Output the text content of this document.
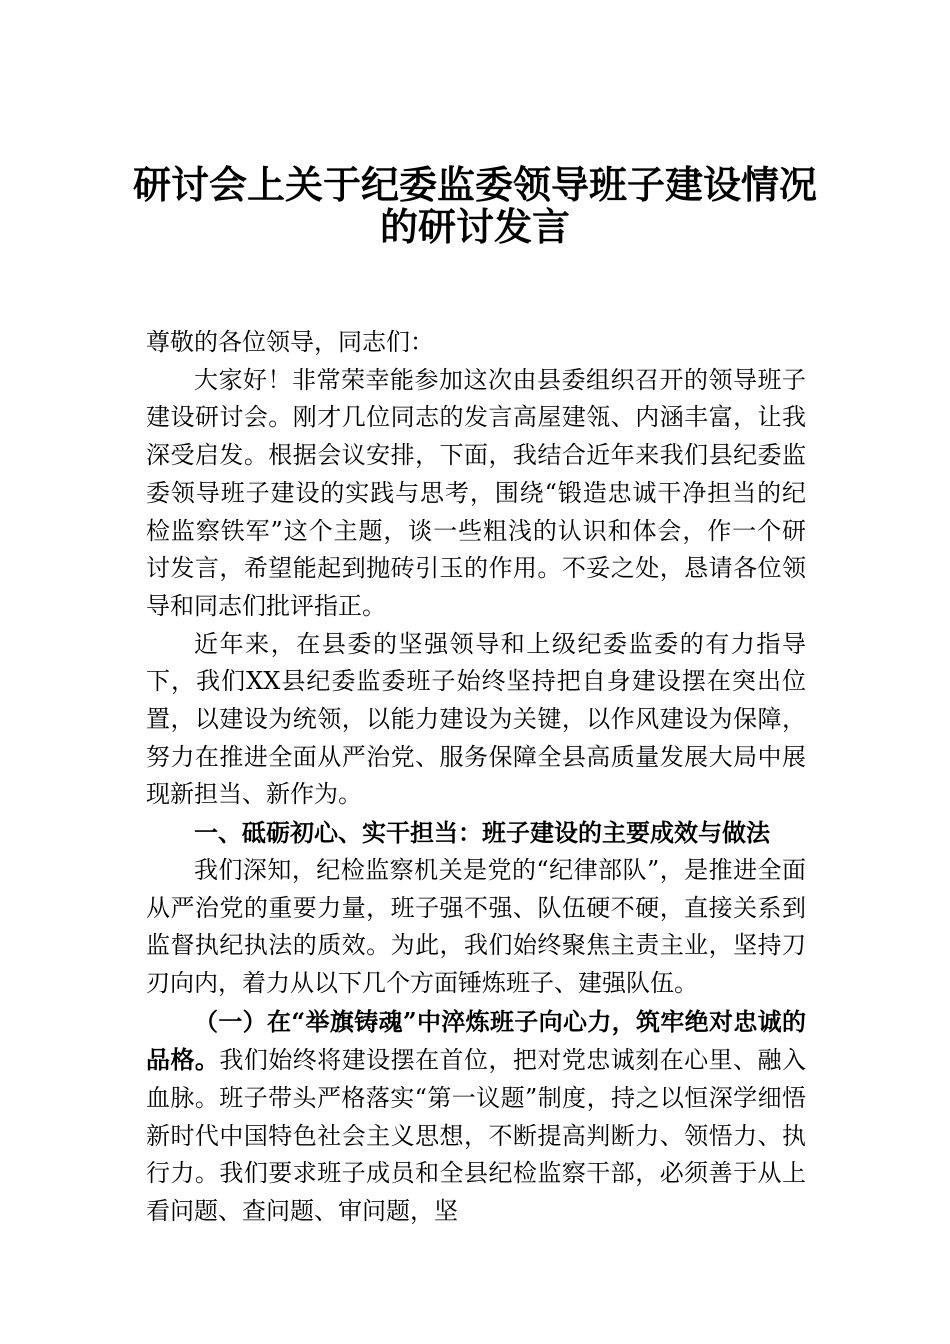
研讨会上关于纪委监委领导班子建设情况
的研讨发言

尊敬的各位领导，同志们：

大家好！非常荣幸能参加这次由县委组织召开的领导班子建设研讨会。刚才几位同志的发言高屋建瓴、内涵丰富，让我深受启发。根据会议安排，下面，我结合近年来我们县纪委监委领导班子建设的实践与思考，围绕“锻造忠诚干净担当的纪检监察铁军”这个主题，谈一些粗浅的认识和体会，作一个研讨发言，希望能起到抛砖引玉的作用。不妥之处，恳请各位领导和同志们批评指正。

近年来，在县委的坚强领导和上级纪委监委的有力指导下，我们XX县纪委监委班子始终坚持把自身建设摆在突出位置，以建设为统领，以能力建设为关键，以作风建设为保障，努力在推进全面从严治党、服务保障全县高质量发展大局中展现新担当、新作为。

一、砥砺初心、实干担当：班子建设的主要成效与做法

我们深知，纪检监察机关是党的“纪律部队”，是推进全面从严治党的重要力量，班子强不强、队伍硬不硬，直接关系到监督执纪执法的质效。为此，我们始终聚焦主责主业，坚持刀刃向内，着力从以下几个方面锤炼班子、建强队伍。

（一）在“举旗铸魂”中淬炼班子向心力，筑牢绝对忠诚的品格。我们始终将建设摆在首位，把对党忠诚刻在心里、融入血脉。班子带头严格落实“第一议题”制度，持之以恒深学细悟新时代中国特色社会主义思想，不断提高判断力、领悟力、执行力。我们要求班子成员和全县纪检监察干部，必须善于从上看问题、查问题、审问题，坚
